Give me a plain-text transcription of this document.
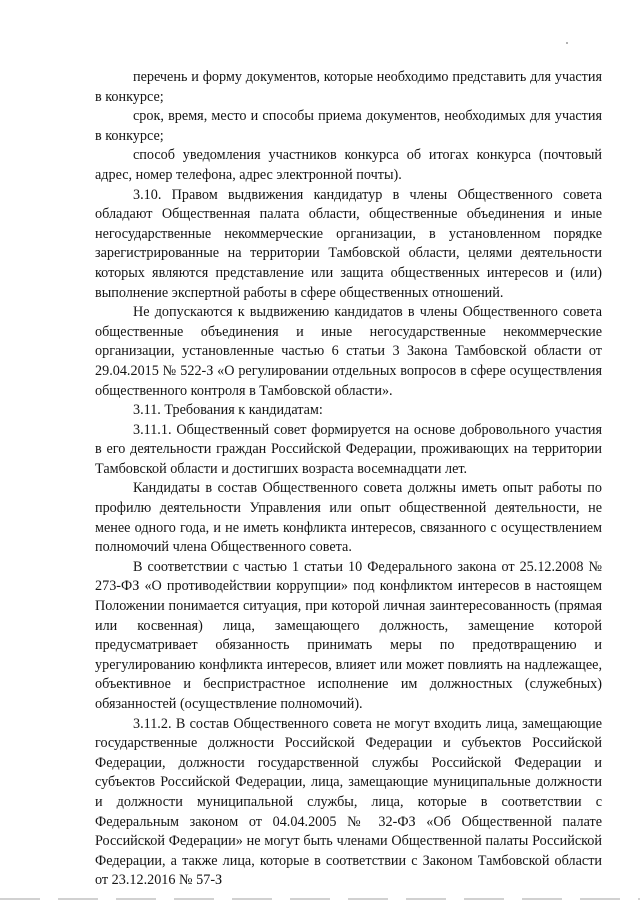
перечень и форму документов, которые необходимо представить для участия в конкурсе;

срок, время, место и способы приема документов, необходимых для участия в конкурсе;

способ уведомления участников конкурса об итогах конкурса (почтовый адрес, номер телефона, адрес электронной почты).

3.10. Правом выдвижения кандидатур в члены Общественного совета обладают Общественная палата области, общественные объединения и иные негосударственные некоммерческие организации, в установленном порядке зарегистрированные на территории Тамбовской области, целями деятельности которых являются представление или защита общественных интересов и (или) выполнение экспертной работы в сфере общественных отношений.

Не допускаются к выдвижению кандидатов в члены Общественного совета общественные объединения и иные негосударственные некоммерческие организации, установленные частью 6 статьи 3 Закона Тамбовской области от 29.04.2015 № 522-З «О регулировании отдельных вопросов в сфере осуществления общественного контроля в Тамбовской области».

3.11. Требования к кандидатам:

3.11.1. Общественный совет формируется на основе добровольного участия в его деятельности граждан Российской Федерации, проживающих на территории Тамбовской области и достигших возраста восемнадцати лет.

Кандидаты в состав Общественного совета должны иметь опыт работы по профилю деятельности Управления или опыт общественной деятельности, не менее одного года, и не иметь конфликта интересов, связанного с осуществлением полномочий члена Общественного совета.

В соответствии с частью 1 статьи 10 Федерального закона от 25.12.2008 № 273-ФЗ «О противодействии коррупции» под конфликтом интересов в настоящем Положении понимается ситуация, при которой личная заинтересованность (прямая или косвенная) лица, замещающего должность, замещение которой предусматривает обязанность принимать меры по предотвращению и урегулированию конфликта интересов, влияет или может повлиять на надлежащее, объективное и беспристрастное исполнение им должностных (служебных) обязанностей (осуществление полномочий).

3.11.2. В состав Общественного совета не могут входить лица, замещающие государственные должности Российской Федерации и субъектов Российской Федерации, должности государственной службы Российской Федерации и субъектов Российской Федерации, лица, замещающие муниципальные должности и должности муниципальной службы, лица, которые в соответствии с Федеральным законом от 04.04.2005 № 32-ФЗ «Об Общественной палате Российской Федерации» не могут быть членами Общественной палаты Российской Федерации, а также лица, которые в соответствии с Законом Тамбовской области от 23.12.2016 № 57-З
